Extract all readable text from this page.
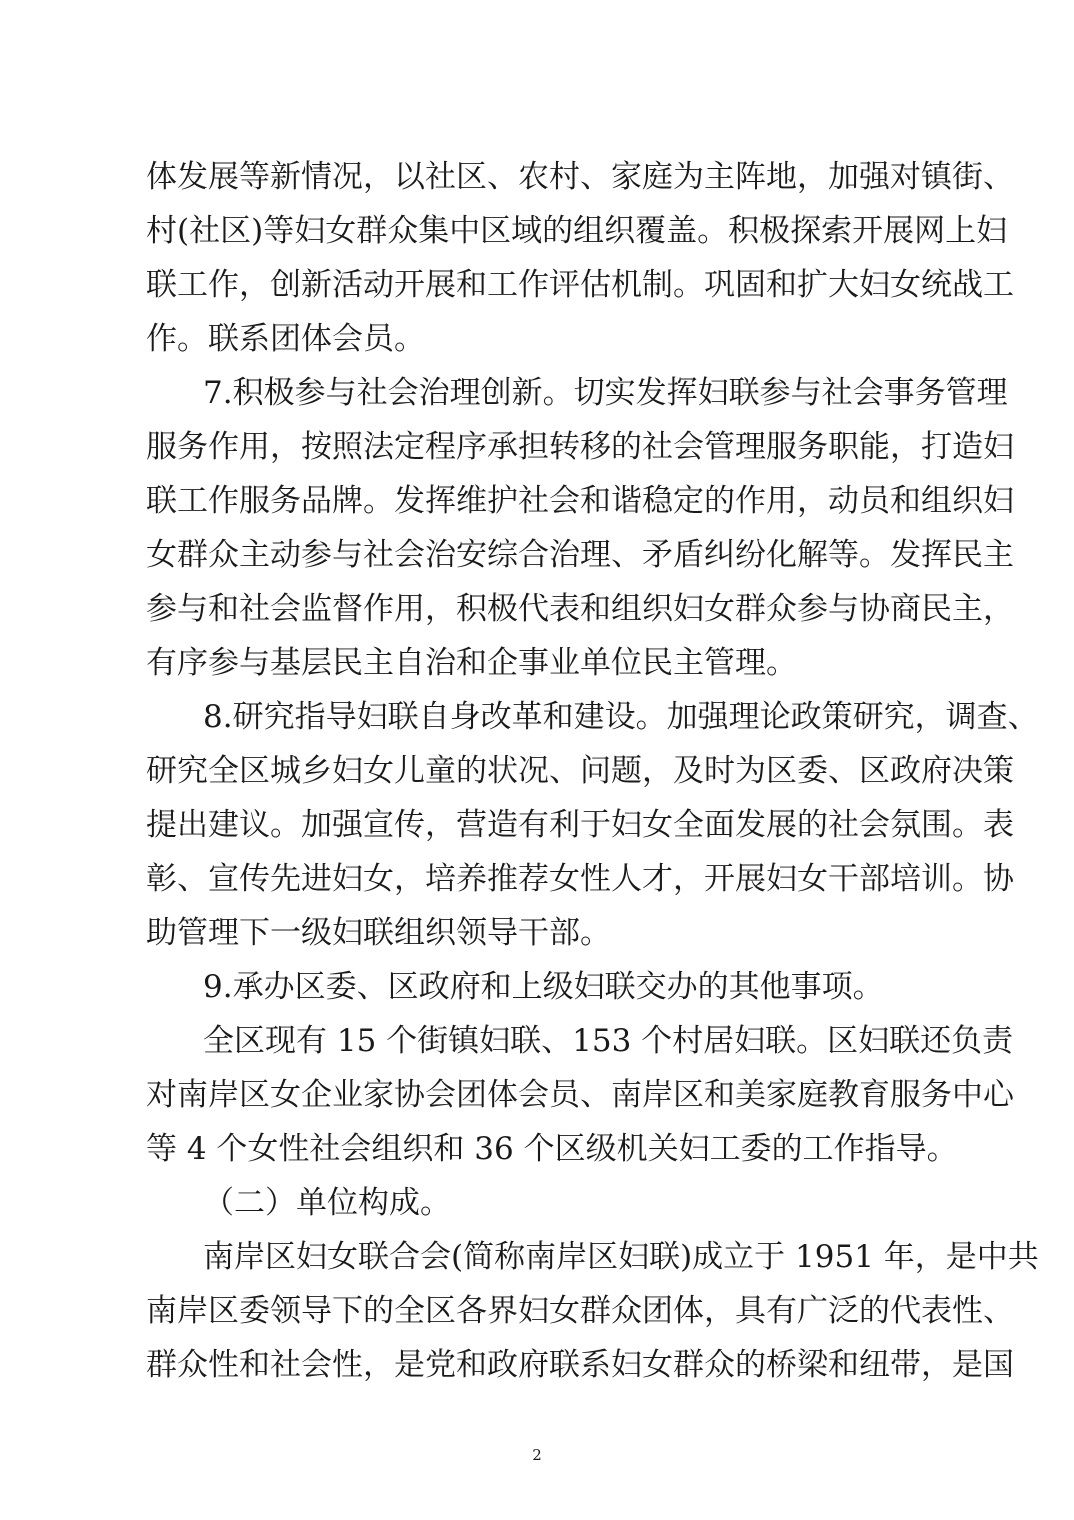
体发展等新情况，以社区、农村、家庭为主阵地，加强对镇街、
村(社区)等妇女群众集中区域的组织覆盖。积极探索开展网上妇
联工作，创新活动开展和工作评估机制。巩固和扩大妇女统战工
作。联系团体会员。
7.积极参与社会治理创新。切实发挥妇联参与社会事务管理
服务作用，按照法定程序承担转移的社会管理服务职能，打造妇
联工作服务品牌。发挥维护社会和谐稳定的作用，动员和组织妇
女群众主动参与社会治安综合治理、矛盾纠纷化解等。发挥民主
参与和社会监督作用，积极代表和组织妇女群众参与协商民主，
有序参与基层民主自治和企事业单位民主管理。
8.研究指导妇联自身改革和建设。加强理论政策研究，调查、
研究全区城乡妇女儿童的状况、问题，及时为区委、区政府决策
提出建议。加强宣传，营造有利于妇女全面发展的社会氛围。表
彰、宣传先进妇女，培养推荐女性人才，开展妇女干部培训。协
助管理下一级妇联组织领导干部。
9.承办区委、区政府和上级妇联交办的其他事项。
全区现有 15 个街镇妇联、153 个村居妇联。区妇联还负责
对南岸区女企业家协会团体会员、南岸区和美家庭教育服务中心
等 4 个女性社会组织和 36 个区级机关妇工委的工作指导。
（二）单位构成。
南岸区妇女联合会(简称南岸区妇联)成立于 1951 年，是中共
南岸区委领导下的全区各界妇女群众团体，具有广泛的代表性、
群众性和社会性，是党和政府联系妇女群众的桥梁和纽带，是国
2
